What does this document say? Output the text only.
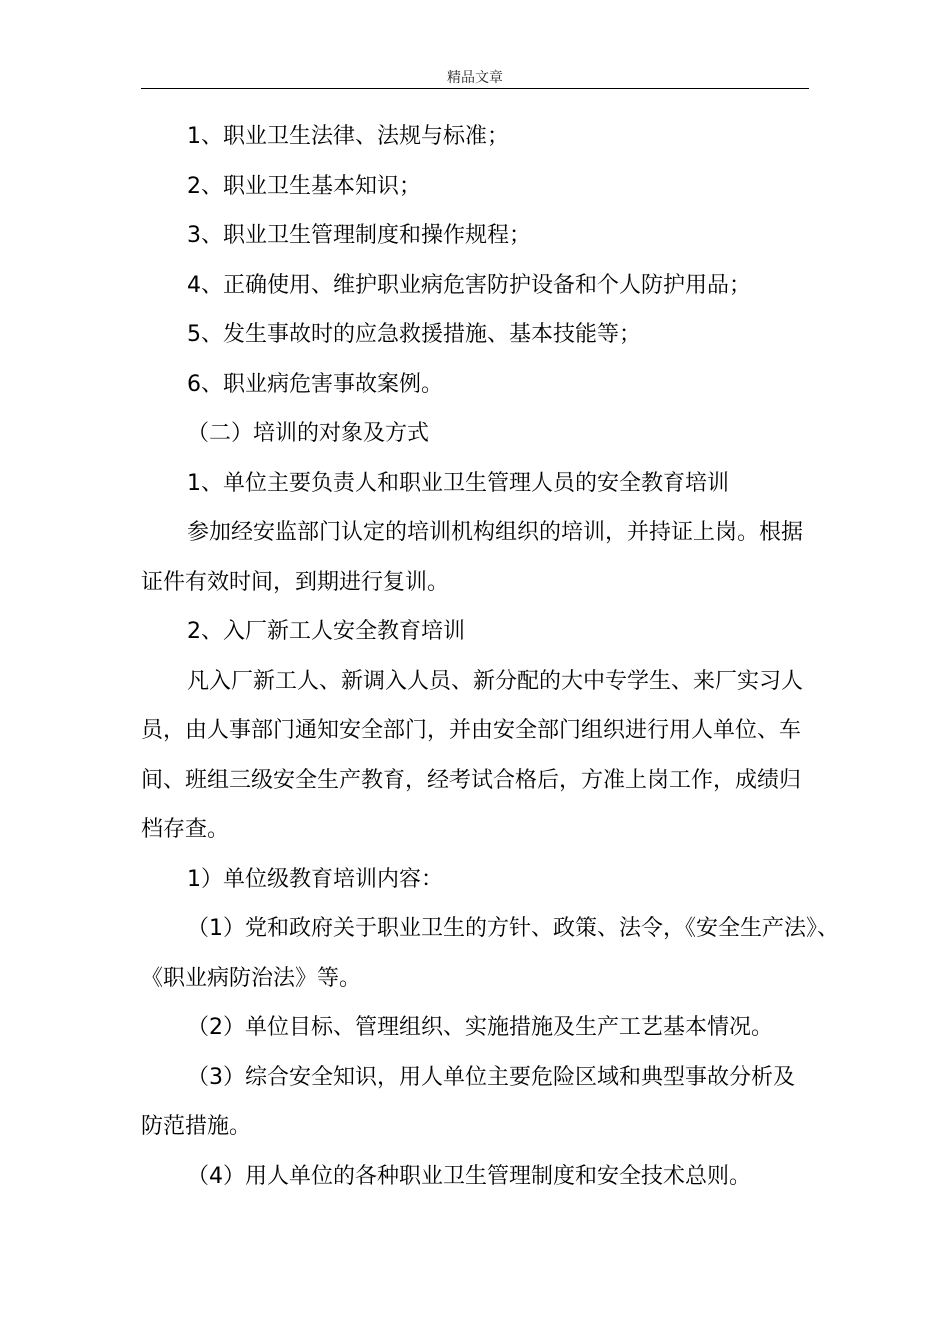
精品文章
1、职业卫生法律、法规与标准；
2、职业卫生基本知识；
3、职业卫生管理制度和操作规程；
4、正确使用、维护职业病危害防护设备和个人防护用品；
5、发生事故时的应急救援措施、基本技能等；
6、职业病危害事故案例。
（二）培训的对象及方式
1、单位主要负责人和职业卫生管理人员的安全教育培训
参加经安监部门认定的培训机构组织的培训，并持证上岗。根据
证件有效时间，到期进行复训。
2、入厂新工人安全教育培训
凡入厂新工人、新调入人员、新分配的大中专学生、来厂实习人
员，由人事部门通知安全部门，并由安全部门组织进行用人单位、车
间、班组三级安全生产教育，经考试合格后，方准上岗工作，成绩归
档存查。
1）单位级教育培训内容：
（1）党和政府关于职业卫生的方针、政策、法令，《安全生产法》、
《职业病防治法》等。
（2）单位目标、管理组织、实施措施及生产工艺基本情况。
（3）综合安全知识，用人单位主要危险区域和典型事故分析及
防范措施。
（4）用人单位的各种职业卫生管理制度和安全技术总则。
